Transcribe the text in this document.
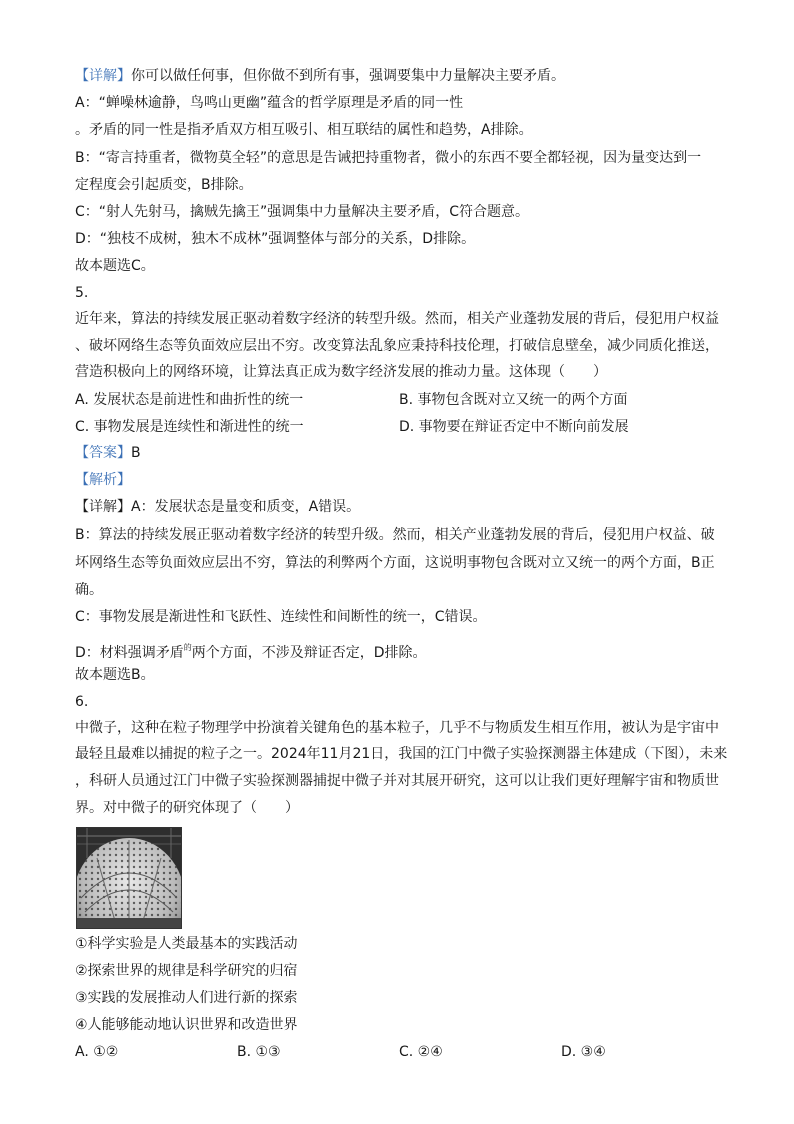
【详解】你可以做任何事，但你做不到所有事，强调要集中力量解决主要矛盾。
A：“蝉噪林逾静，鸟鸣山更幽”蕴含的哲学原理是矛盾的同一性
。矛盾的同一性是指矛盾双方相互吸引、相互联结的属性和趋势，A排除。
B：“寄言持重者，微物莫全轻”的意思是告诫把持重物者，微小的东西不要全都轻视，因为量变达到一
定程度会引起质变，B排除。
C：“射人先射马，擒贼先擒王”强调集中力量解决主要矛盾，C符合题意。
D：“独枝不成树，独木不成林”强调整体与部分的关系，D排除。
故本题选C。
5.
近年来，算法的持续发展正驱动着数字经济的转型升级。然而，相关产业蓬勃发展的背后，侵犯用户权益
、破坏网络生态等负面效应层出不穷。改变算法乱象应秉持科技伦理，打破信息壁垒，减少同质化推送，
营造积极向上的网络环境，让算法真正成为数字经济发展的推动力量。这体现（　　）
A. 发展状态是前进性和曲折性的统一	B. 事物包含既对立又统一的两个方面
C. 事物发展是连续性和渐进性的统一	D. 事物要在辩证否定中不断向前发展
【答案】B
【解析】
【详解】A：发展状态是量变和质变，A错误。
B：算法的持续发展正驱动着数字经济的转型升级。然而，相关产业蓬勃发展的背后，侵犯用户权益、破
坏网络生态等负面效应层出不穷，算法的利弊两个方面，这说明事物包含既对立又统一的两个方面，B正
确。
C：事物发展是渐进性和飞跃性、连续性和间断性的统一，C错误。
D：材料强调矛盾$^的$两个方面，不涉及辩证否定，D排除。
故本题选B。
6.
中微子，这种在粒子物理学中扮演着关键角色的基本粒子，几乎不与物质发生相互作用，被认为是宇宙中
最轻且最难以捕捉的粒子之一。2024年11月21日，我国的江门中微子实验探测器主体建成（下图），未来
，科研人员通过江门中微子实验探测器捕捉中微子并对其展开研究，这可以让我们更好理解宇宙和物质世
界。对中微子的研究体现了（　　）
①科学实验是人类最基本的实践活动
②探索世界的规律是科学研究的归宿
③实践的发展推动人们进行新的探索
④人能够能动地认识世界和改造世界
A. ①②	B. ①③	C. ②④	D. ③④
